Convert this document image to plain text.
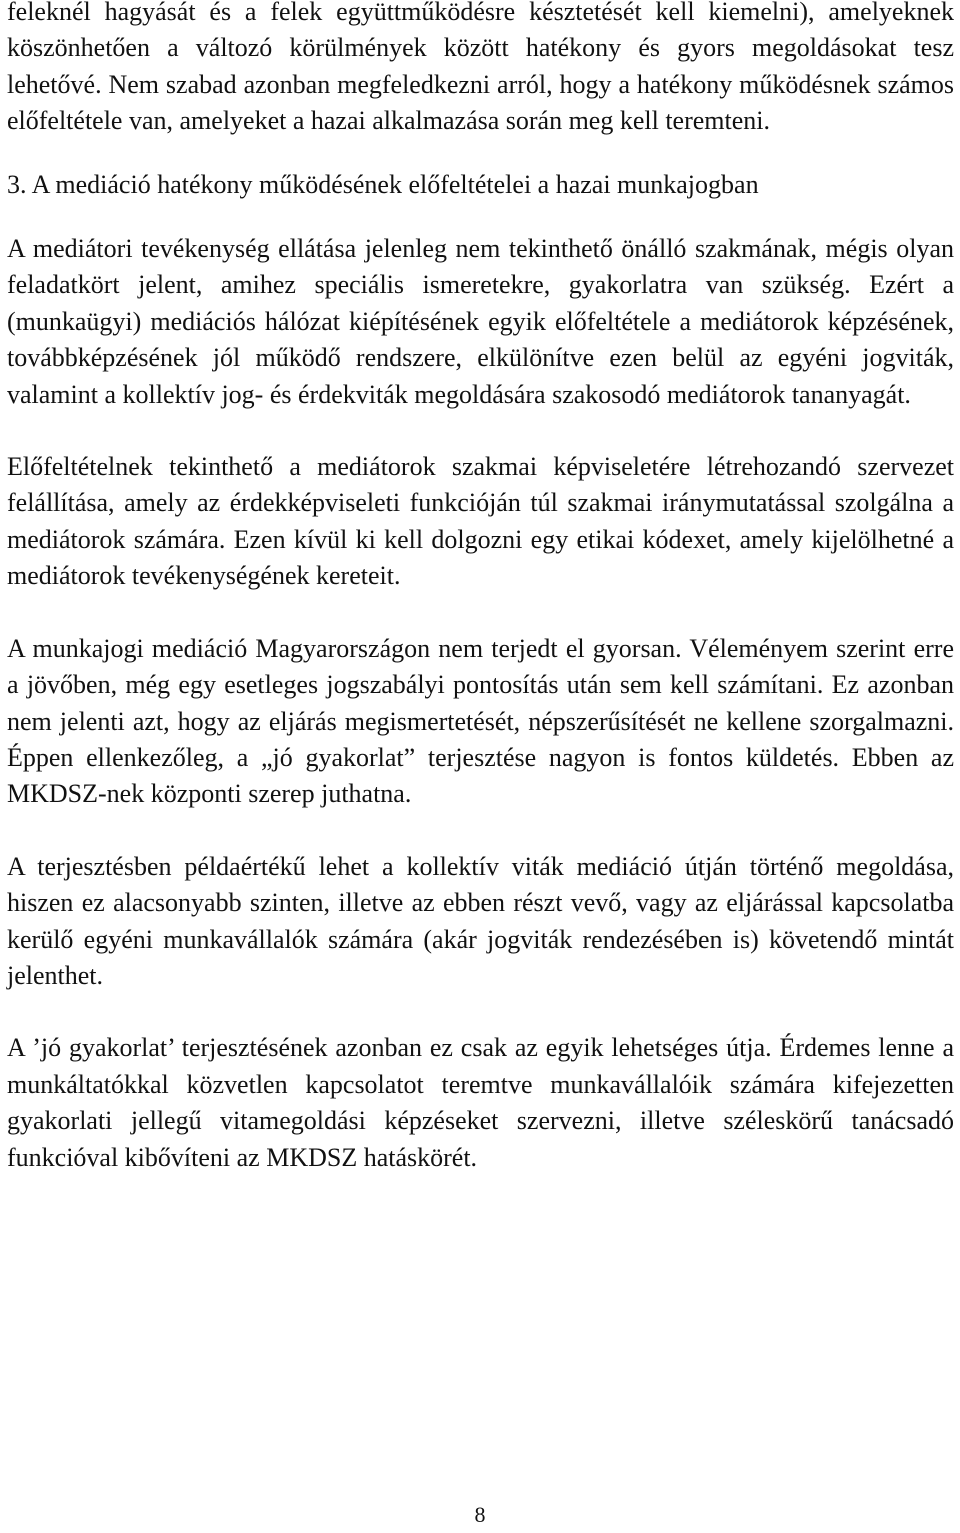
feleknél hagyását és a felek együttműködésre késztetését kell kiemelni), amelyeknek köszönhetően a változó körülmények között hatékony és gyors megoldásokat tesz lehetővé. Nem szabad azonban megfeledkezni arról, hogy a hatékony működésnek számos előfeltétele van, amelyeket a hazai alkalmazása során meg kell teremteni.

3. A mediáció hatékony működésének előfeltételei a hazai munkajogban

A mediátori tevékenység ellátása jelenleg nem tekinthető önálló szakmának, mégis olyan feladatkört jelent, amihez speciális ismeretekre, gyakorlatra van szükség. Ezért a (munkaügyi) mediációs hálózat kiépítésének egyik előfeltétele a mediátorok képzésének, továbbképzésének jól működő rendszere, elkülönítve ezen belül az egyéni jogviták, valamint a kollektív jog- és érdekviták megoldására szakosodó mediátorok tananyagát.

Előfeltételnek tekinthető a mediátorok szakmai képviseletére létrehozandó szervezet felállítása, amely az érdekképviseleti funkcióján túl szakmai iránymutatással szolgálna a mediátorok számára. Ezen kívül ki kell dolgozni egy etikai kódexet, amely kijelölhetné a mediátorok tevékenységének kereteit.

A munkajogi mediáció Magyarországon nem terjedt el gyorsan. Véleményem szerint erre a jövőben, még egy esetleges jogszabályi pontosítás után sem kell számítani. Ez azonban nem jelenti azt, hogy az eljárás megismertetését, népszerűsítését ne kellene szorgalmazni. Éppen ellenkezőleg, a „jó gyakorlat” terjesztése nagyon is fontos küldetés. Ebben az MKDSZ-nek központi szerep juthatna.

A terjesztésben példaértékű lehet a kollektív viták mediáció útján történő megoldása, hiszen ez alacsonyabb szinten, illetve az ebben részt vevő, vagy az eljárással kapcsolatba kerülő egyéni munkavállalók számára (akár jogviták rendezésében is) követendő mintát jelenthet.

A ’jó gyakorlat’ terjesztésének azonban ez csak az egyik lehetséges útja. Érdemes lenne a munkáltatókkal közvetlen kapcsolatot teremtve munkavállalóik számára kifejezetten gyakorlati jellegű vitamegoldási képzéseket szervezni, illetve széleskörű tanácsadó funkcióval kibővíteni az MKDSZ hatáskörét.

8
